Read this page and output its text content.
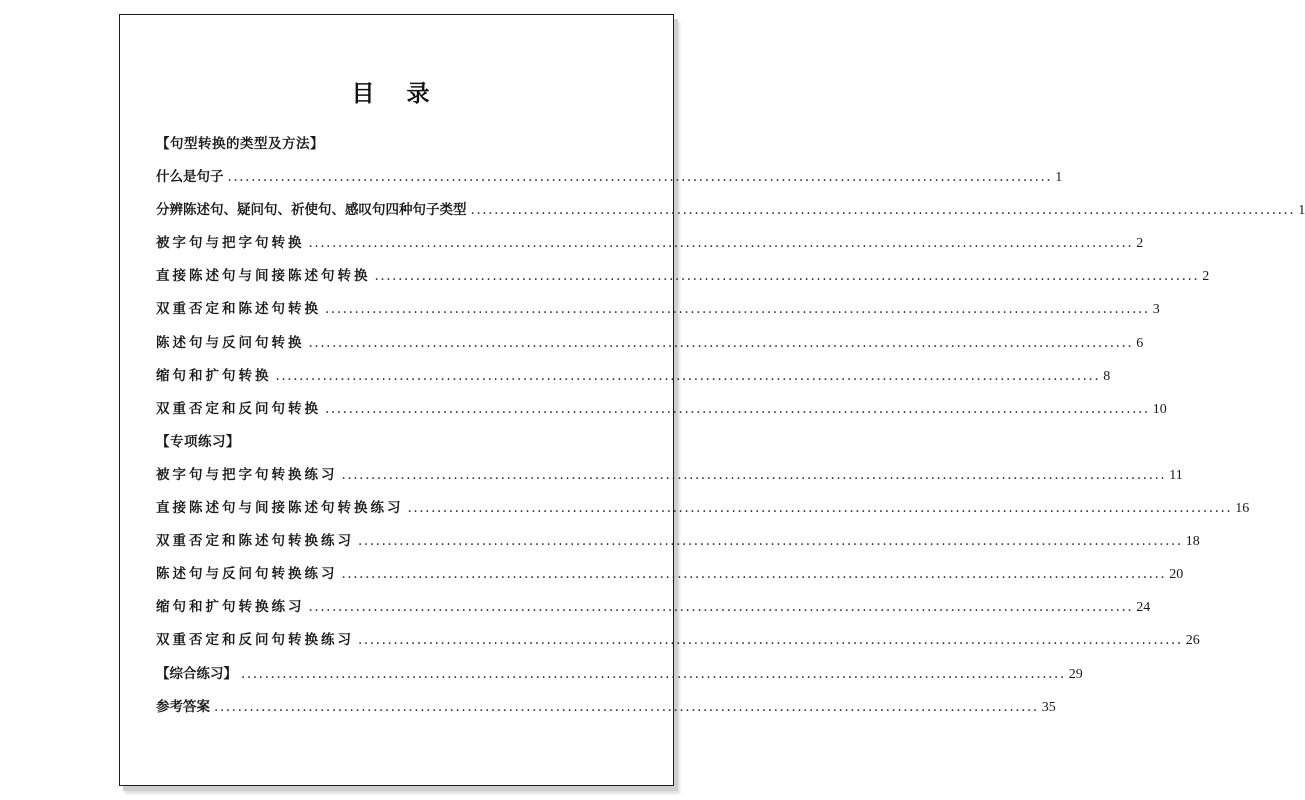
目 录
【句型转换的类型及方法】
什么是句子 ............................................................................................................................................ 1
分辨陈述句、疑问句、祈使句、感叹句四种句子类型 ............................................................................................................................................ 1
被字句与把字句转换 ............................................................................................................................................ 2
直接陈述句与间接陈述句转换 ............................................................................................................................................ 2
双重否定和陈述句转换 ............................................................................................................................................ 3
陈述句与反问句转换 ............................................................................................................................................ 6
缩句和扩句转换 ............................................................................................................................................ 8
双重否定和反问句转换 ............................................................................................................................................ 10
【专项练习】
被字句与把字句转换练习 ............................................................................................................................................ 11
直接陈述句与间接陈述句转换练习 ............................................................................................................................................ 16
双重否定和陈述句转换练习 ............................................................................................................................................ 18
陈述句与反问句转换练习 ............................................................................................................................................ 20
缩句和扩句转换练习 ............................................................................................................................................ 24
双重否定和反问句转换练习 ............................................................................................................................................ 26
【综合练习】 ............................................................................................................................................ 29
参考答案 ............................................................................................................................................ 35
